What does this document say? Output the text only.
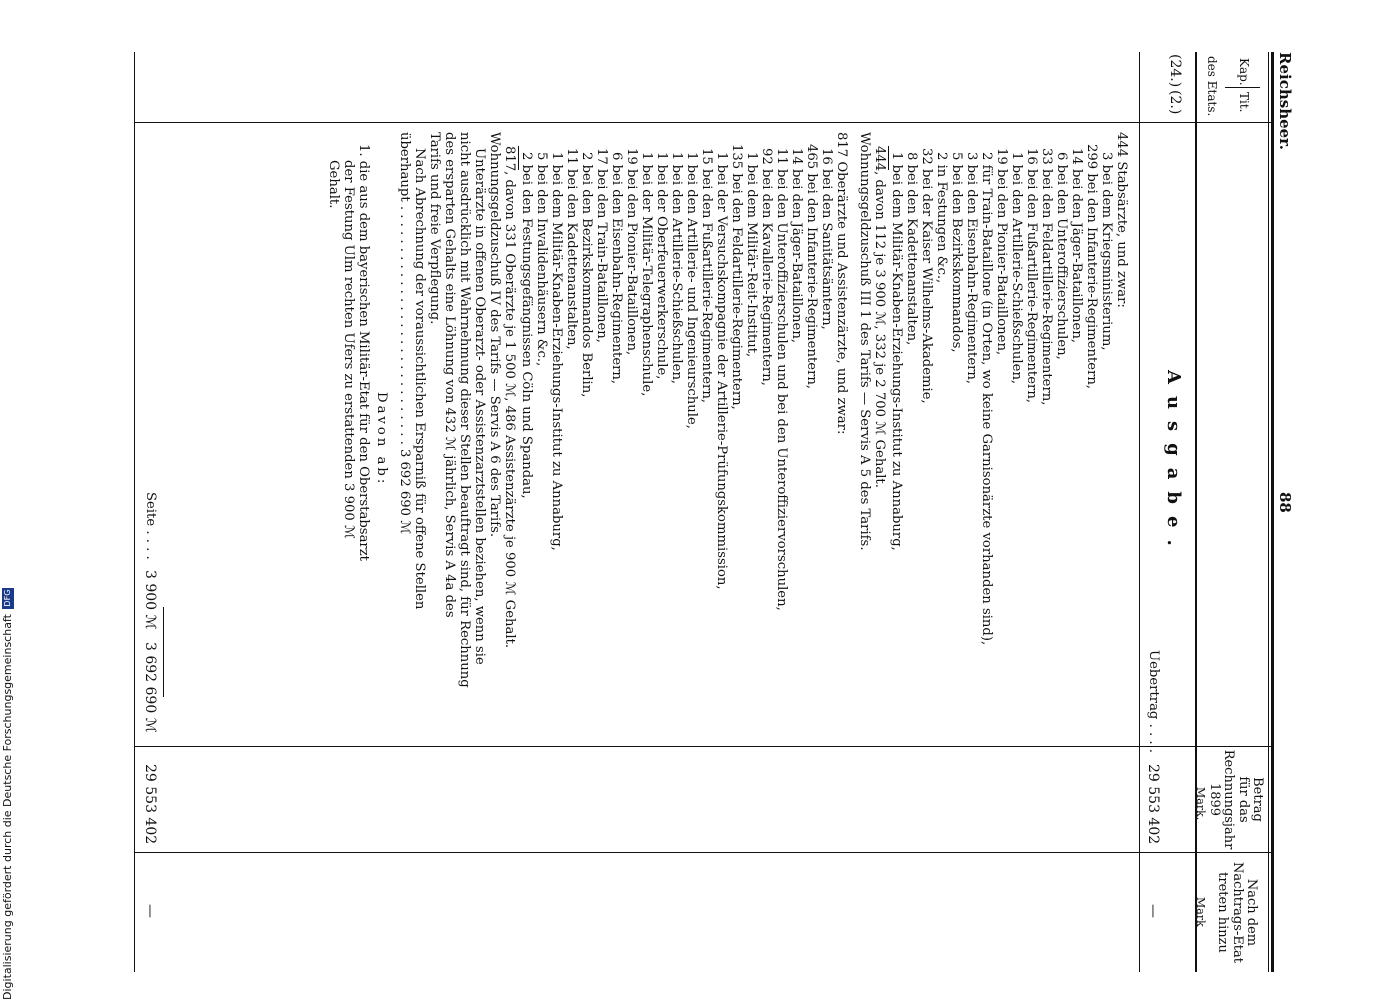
Reichsheer.
88
Kap.
Tit.
des Etats.
Betrag
für das
Rechnungsjahr
1899
Mark.
Nach dem
Nachtrags-Etat
treten hinzu
Mark
(24.)
(2.)
Ausgabe.
Uebertrag . . . .
29 553 402
—
444 Stabsärzte, und zwar:
3 bei dem Kriegsministerium,
299 bei den Infanterie-Regimentern,
14 bei den Jäger-Bataillonen,
6 bei den Unteroffizierschulen,
33 bei den Feldartillerie-Regimentern,
16 bei den Fußartillerie-Regimentern,
1 bei den Artillerie-Schießschulen,
19 bei den Pionier-Bataillonen,
2 für Train-Bataillone (in Orten, wo keine Garnisonärzte vorhanden sind),
3 bei den Eisenbahn-Regimentern,
5 bei den Bezirkskommandos,
2 in Festungen &c.,
32 bei der Kaiser Wilhelms-Akademie,
8 bei den Kadettenanstalten,
1 bei dem Militär-Knaben-Erziehungs-Institut zu Annaburg,
444, davon 112 je 3 900 ℳ, 332 je 2 700 ℳ Gehalt.
Wohnungsgeldzuschuß III 1 des Tarifs — Servis A 5 des Tarifs.
817 Oberärzte und Assistenzärzte, und zwar:
16 bei den Sanitätsämtern,
465 bei den Infanterie-Regimentern,
14 bei den Jäger-Bataillonen,
11 bei den Unteroffizierschulen und bei den Unteroffiziervorschulen,
92 bei den Kavallerie-Regimentern,
1 bei dem Militär-Reit-Institut,
135 bei den Feldartillerie-Regimentern,
1 bei der Versuchskompagnie der Artillerie-Prüfungskommission,
15 bei den Fußartillerie-Regimentern,
1 bei den Artillerie- und Ingenieurschule,
1 bei den Artillerie-Schießschulen,
1 bei der Oberfeuerwerkerschule,
1 bei der Militär-Telegraphenschule,
19 bei den Pionier-Bataillonen,
6 bei den Eisenbahn-Regimentern,
17 bei den Train-Bataillonen,
2 bei den Bezirkskommandos Berlin,
11 bei den Kadettenanstalten,
1 bei dem Militär-Knaben-Erziehungs-Institut zu Annaburg,
5 bei den Invalidenhäusern &c.,
2 bei den Festungsgefängnissen Cöln und Spandau,
817, davon 331 Oberärzte je 1 500 ℳ, 486 Assistenzärzte je 900 ℳ Gehalt.
Wohnungsgeldzuschuß IV des Tarifs — Servis A 6 des Tarifs.
Unterärzte in offenen Oberarzt- oder Assistenzarztstellen beziehen, wenn sie
nicht ausdrücklich mit Wahrnehmung dieser Stellen beauftragt sind, für Rechnung
des ersparten Gehalts eine Löhnung von 432 ℳ jährlich, Servis A 4a des
Tarifs und freie Verpflegung.
Nach Abrechnung der voraussichtlichen Ersparniß für offene Stellen
überhaupt . . . . . . . . . . . . . . . . . . . . . . . . . . . . . 3 692 690 ℳ
Davon ab:
1. die aus dem bayerischen Militär-Etat für den Oberstabsarzt
der Festung Ulm rechten Ufers zu erstattenden 3 900 ℳ
Gehalt.
Seite . . . .
3 900 ℳ
3 692 690 ℳ
29 553 402
—
Digitalisierung gefördert durch die Deutsche Forschungsgemeinschaft DFG
